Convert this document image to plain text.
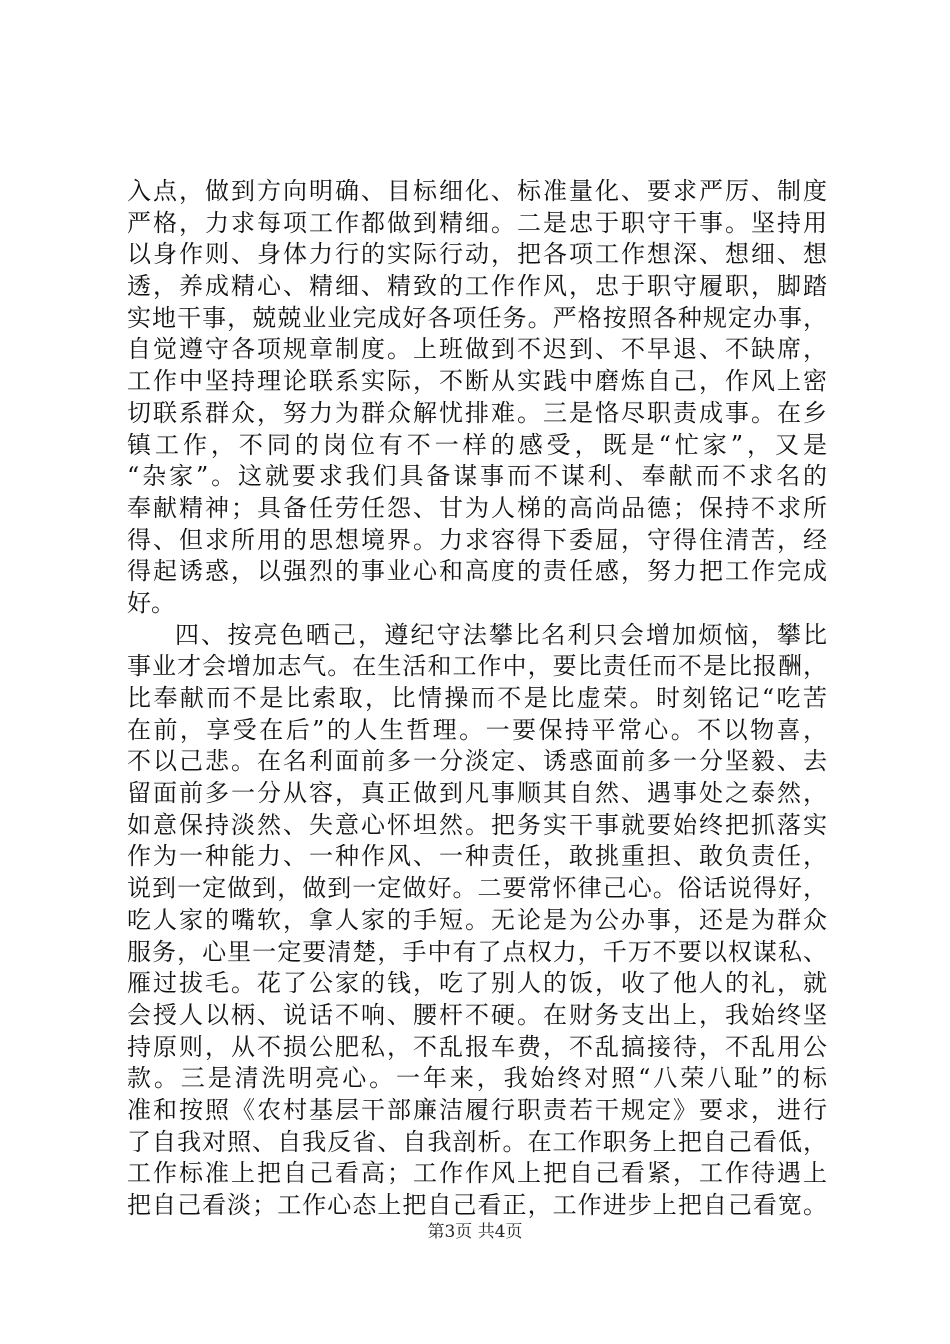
入点，做到方向明确、目标细化、标准量化、要求严厉、制度
严格，力求每项工作都做到精细。二是忠于职守干事。坚持用
以身作则、身体力行的实际行动，把各项工作想深、想细、想
透，养成精心、精细、精致的工作作风，忠于职守履职，脚踏
实地干事，兢兢业业完成好各项任务。严格按照各种规定办事，
自觉遵守各项规章制度。上班做到不迟到、不早退、不缺席，
工作中坚持理论联系实际，不断从实践中磨炼自己，作风上密
切联系群众，努力为群众解忧排难。三是恪尽职责成事。在乡
镇工作，不同的岗位有不一样的感受，既是“忙家”，又是
“杂家”。这就要求我们具备谋事而不谋利、奉献而不求名的
奉献精神；具备任劳任怨、甘为人梯的高尚品德；保持不求所
得、但求所用的思想境界。力求容得下委屈，守得住清苦，经
得起诱惑，以强烈的事业心和高度的责任感，努力把工作完成
好。
四、按亮色晒己，遵纪守法攀比名利只会增加烦恼，攀比
事业才会增加志气。在生活和工作中，要比责任而不是比报酬，
比奉献而不是比索取，比情操而不是比虚荣。时刻铭记“吃苦
在前，享受在后”的人生哲理。一要保持平常心。不以物喜，
不以己悲。在名利面前多一分淡定、诱惑面前多一分坚毅、去
留面前多一分从容，真正做到凡事顺其自然、遇事处之泰然，
如意保持淡然、失意心怀坦然。把务实干事就要始终把抓落实
作为一种能力、一种作风、一种责任，敢挑重担、敢负责任，
说到一定做到，做到一定做好。二要常怀律己心。俗话说得好，
吃人家的嘴软，拿人家的手短。无论是为公办事，还是为群众
服务，心里一定要清楚，手中有了点权力，千万不要以权谋私、
雁过拔毛。花了公家的钱，吃了别人的饭，收了他人的礼，就
会授人以柄、说话不响、腰杆不硬。在财务支出上，我始终坚
持原则，从不损公肥私，不乱报车费，不乱搞接待，不乱用公
款。三是清洗明亮心。一年来，我始终对照“八荣八耻”的标
准和按照《农村基层干部廉洁履行职责若干规定》要求，进行
了自我对照、自我反省、自我剖析。在工作职务上把自己看低，
工作标准上把自己看高；工作作风上把自己看紧，工作待遇上
把自己看淡；工作心态上把自己看正，工作进步上把自己看宽。
第3页 共4页
